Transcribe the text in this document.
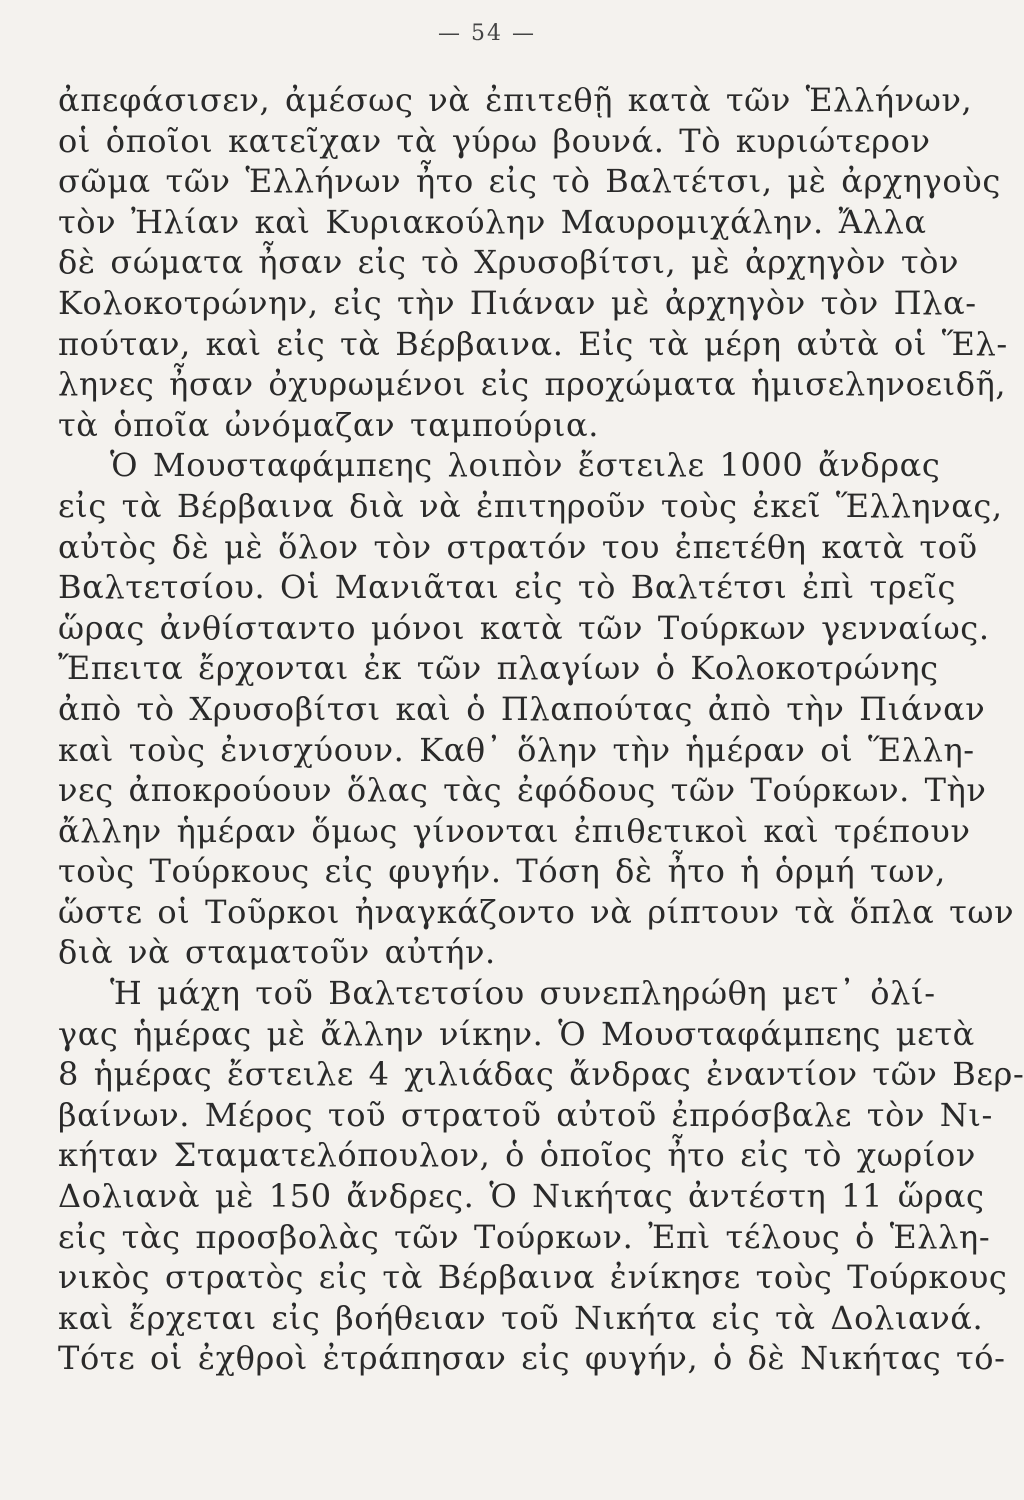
— 54 —
ἀπεφάσισεν, ἀμέσως νὰ ἐπιτεθῇ κατὰ τῶν Ἑλλήνων,
οἱ ὁποῖοι κατεῖχαν τὰ γύρω βουνά. Τὸ κυριώτερον
σῶμα τῶν Ἑλλήνων ἦτο εἰς τὸ Βαλτέτσι, μὲ ἀρχηγοὺς
τὸν Ἠλίαν καὶ Κυριακούλην Μαυρομιχάλην. Ἄλλα
δὲ σώματα ἦσαν εἰς τὸ Χρυσοβίτσι, μὲ ἀρχηγὸν τὸν
Κολοκοτρώνην, εἰς τὴν Πιάναν μὲ ἀρχηγὸν τὸν Πλα-
πούταν, καὶ εἰς τὰ Βέρβαινα. Εἰς τὰ μέρη αὐτὰ οἱ Ἕλ-
ληνες ἦσαν ὀχυρωμένοι εἰς προχώματα ἡμισεληνοειδῆ,
τὰ ὁποῖα ὠνόμαζαν ταμπούρια.
Ὁ Μουσταφάμπεης λοιπὸν ἔστειλε 1000 ἄνδρας
εἰς τὰ Βέρβαινα διὰ νὰ ἐπιτηροῦν τοὺς ἐκεῖ Ἕλληνας,
αὐτὸς δὲ μὲ ὅλον τὸν στρατόν του ἐπετέθη κατὰ τοῦ
Βαλτετσίου. Οἱ Μανιᾶται εἰς τὸ Βαλτέτσι ἐπὶ τρεῖς
ὥρας ἀνθίσταντο μόνοι κατὰ τῶν Τούρκων γενναίως.
Ἔπειτα ἔρχονται ἐκ τῶν πλαγίων ὁ Κολοκοτρώνης
ἀπὸ τὸ Χρυσοβίτσι καὶ ὁ Πλαπούτας ἀπὸ τὴν Πιάναν
καὶ τοὺς ἐνισχύουν. Καθ᾽ ὅλην τὴν ἡμέραν οἱ Ἕλλη-
νες ἀποκρούουν ὅλας τὰς ἐφόδους τῶν Τούρκων. Τὴν
ἄλλην ἡμέραν ὅμως γίνονται ἐπιθετικοὶ καὶ τρέπουν
τοὺς Τούρκους εἰς φυγήν. Τόση δὲ ἦτο ἡ ὁρμή των,
ὥστε οἱ Τοῦρκοι ἠναγκάζοντο νὰ ρίπτουν τὰ ὅπλα των
διὰ νὰ σταματοῦν αὐτήν.
Ἡ μάχη τοῦ Βαλτετσίου συνεπληρώθη μετ᾽ ὀλί-
γας ἡμέρας μὲ ἄλλην νίκην. Ὁ Μουσταφάμπεης μετὰ
8 ἡμέρας ἔστειλε 4 χιλιάδας ἄνδρας ἐναντίον τῶν Βερ-
βαίνων. Μέρος τοῦ στρατοῦ αὐτοῦ ἐπρόσβαλε τὸν Νι-
κήταν Σταματελόπουλον, ὁ ὁποῖος ἦτο εἰς τὸ χωρίον
Δολιανὰ μὲ 150 ἄνδρες. Ὁ Νικήτας ἀντέστη 11 ὥρας
εἰς τὰς προσβολὰς τῶν Τούρκων. Ἐπὶ τέλους ὁ Ἑλλη-
νικὸς στρατὸς εἰς τὰ Βέρβαινα ἐνίκησε τοὺς Τούρκους
καὶ ἔρχεται εἰς βοήθειαν τοῦ Νικήτα εἰς τὰ Δολιανά.
Τότε οἱ ἐχθροὶ ἐτράπησαν εἰς φυγήν, ὁ δὲ Νικήτας τό-
